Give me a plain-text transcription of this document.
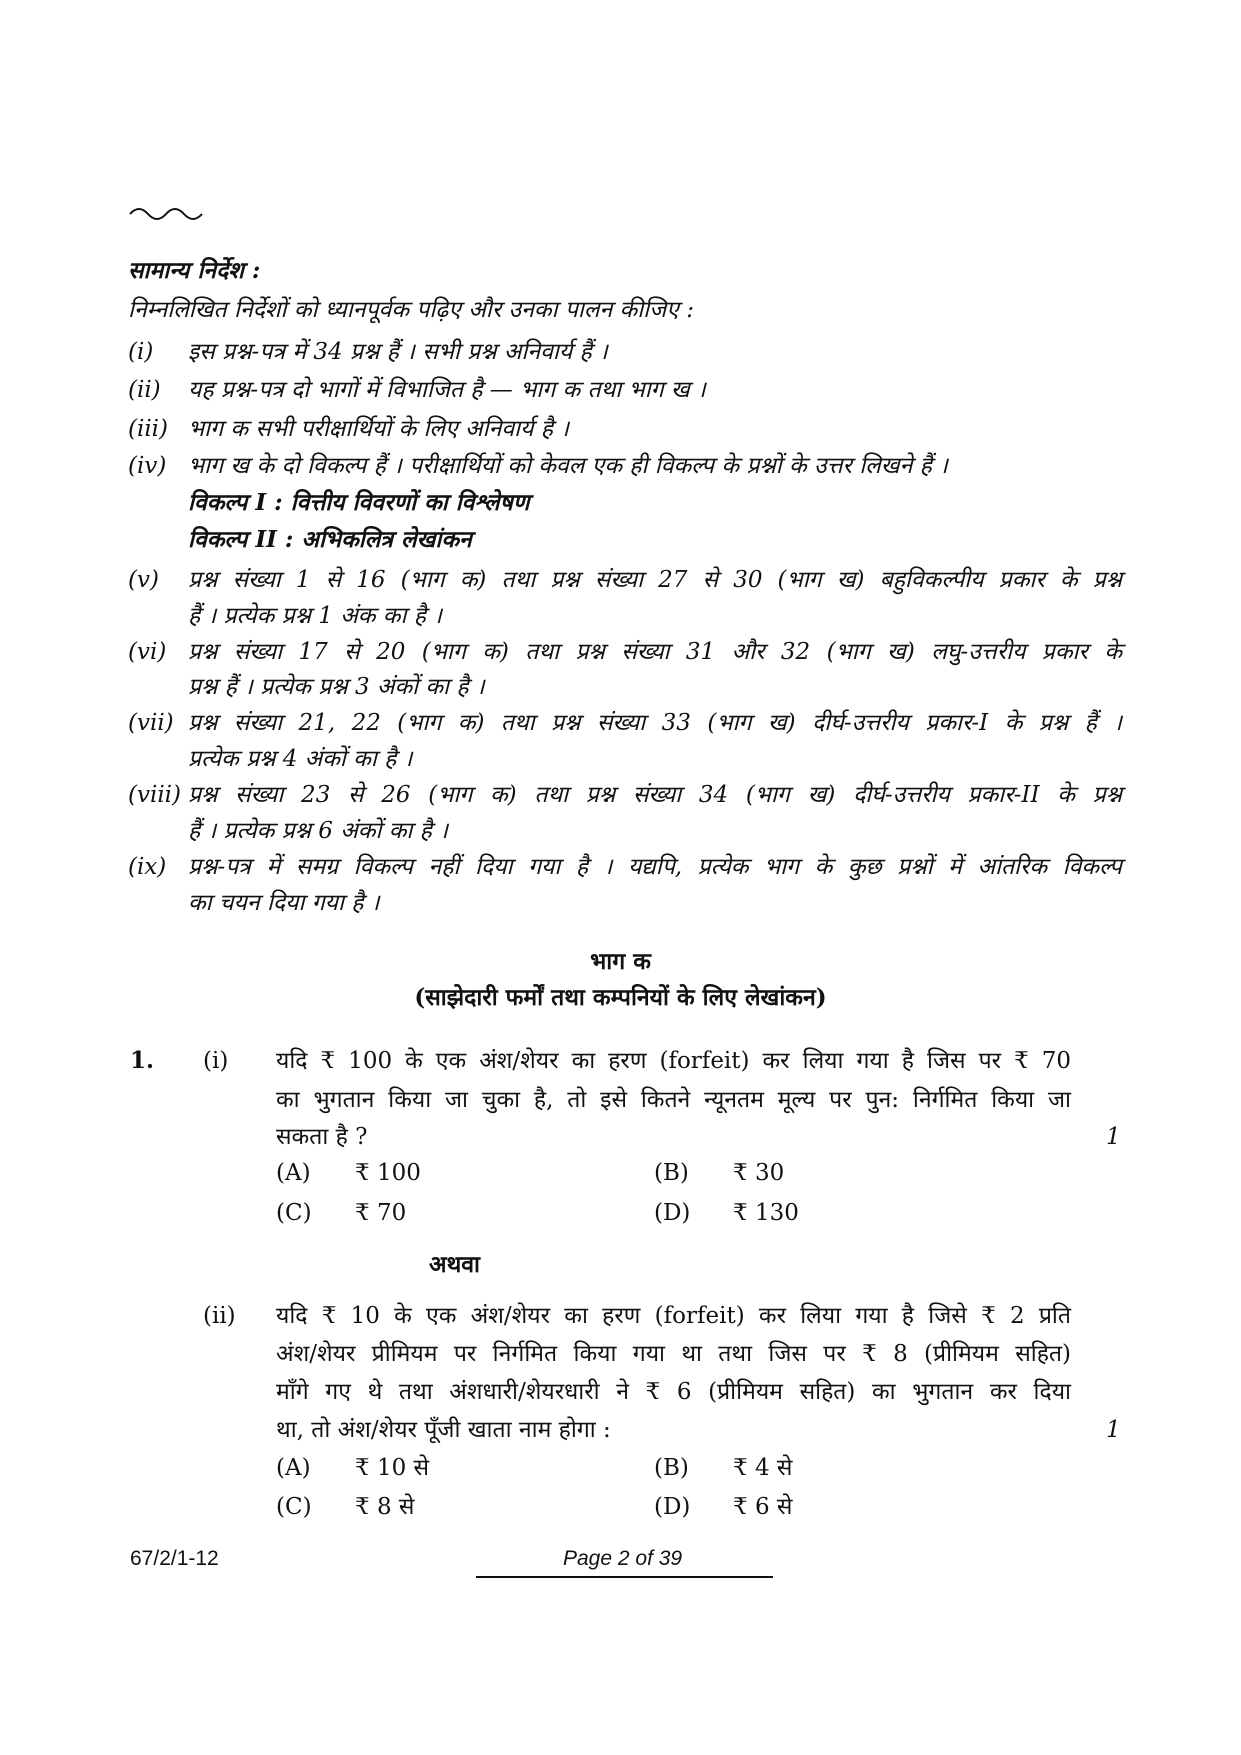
सामान्य निर्देश :
निम्नलिखित निर्देशों को ध्यानपूर्वक पढ़िए और उनका पालन कीजिए :
(i) इस प्रश्न-पत्र में 34 प्रश्न हैं । सभी प्रश्न अनिवार्य हैं ।
(ii) यह प्रश्न-पत्र दो भागों में विभाजित है — भाग क तथा भाग ख ।
(iii) भाग क सभी परीक्षार्थियों के लिए अनिवार्य है ।
(iv) भाग ख के दो विकल्प हैं । परीक्षार्थियों को केवल एक ही विकल्प के प्रश्नों के उत्तर लिखने हैं ।
विकल्प I : वित्तीय विवरणों का विश्लेषण
विकल्प II : अभिकलित्र लेखांकन
(v) प्रश्न संख्या 1 से 16 (भाग क) तथा प्रश्न संख्या 27 से 30 (भाग ख) बहुविकल्पीय प्रकार के प्रश्न
हैं । प्रत्येक प्रश्न 1 अंक का है ।
(vi) प्रश्न संख्या 17 से 20 (भाग क) तथा प्रश्न संख्या 31 और 32 (भाग ख) लघु-उत्तरीय प्रकार के
प्रश्न हैं । प्रत्येक प्रश्न 3 अंकों का है ।
(vii) प्रश्न संख्या 21, 22 (भाग क) तथा प्रश्न संख्या 33 (भाग ख) दीर्घ-उत्तरीय प्रकार-I के प्रश्न हैं ।
प्रत्येक प्रश्न 4 अंकों का है ।
(viii) प्रश्न संख्या 23 से 26 (भाग क) तथा प्रश्न संख्या 34 (भाग ख) दीर्घ-उत्तरीय प्रकार-II के प्रश्न
हैं । प्रत्येक प्रश्न 6 अंकों का है ।
(ix) प्रश्न-पत्र में समग्र विकल्प नहीं दिया गया है । यद्यपि, प्रत्येक भाग के कुछ प्रश्नों में आंतरिक विकल्प
का चयन दिया गया है ।
भाग क
(साझेदारी फर्मों तथा कम्पनियों के लिए लेखांकन)
1. (i) यदि ₹ 100 के एक अंश/शेयर का हरण (forfeit) कर लिया गया है जिस पर ₹ 70
का भुगतान किया जा चुका है, तो इसे कितने न्यूनतम मूल्य पर पुन: निर्गमित किया जा
सकता है ?	1
(A) ₹ 100	(B) ₹ 30
(C) ₹ 70	(D) ₹ 130
अथवा
(ii) यदि ₹ 10 के एक अंश/शेयर का हरण (forfeit) कर लिया गया है जिसे ₹ 2 प्रति
अंश/शेयर प्रीमियम पर निर्गमित किया गया था तथा जिस पर ₹ 8 (प्रीमियम सहित)
माँगे गए थे तथा अंशधारी/शेयरधारी ने ₹ 6 (प्रीमियम सहित) का भुगतान कर दिया
था, तो अंश/शेयर पूँजी खाता नाम होगा :	1
(A) ₹ 10 से	(B) ₹ 4 से
(C) ₹ 8 से	(D) ₹ 6 से
67/2/1-12	Page 2 of 39
